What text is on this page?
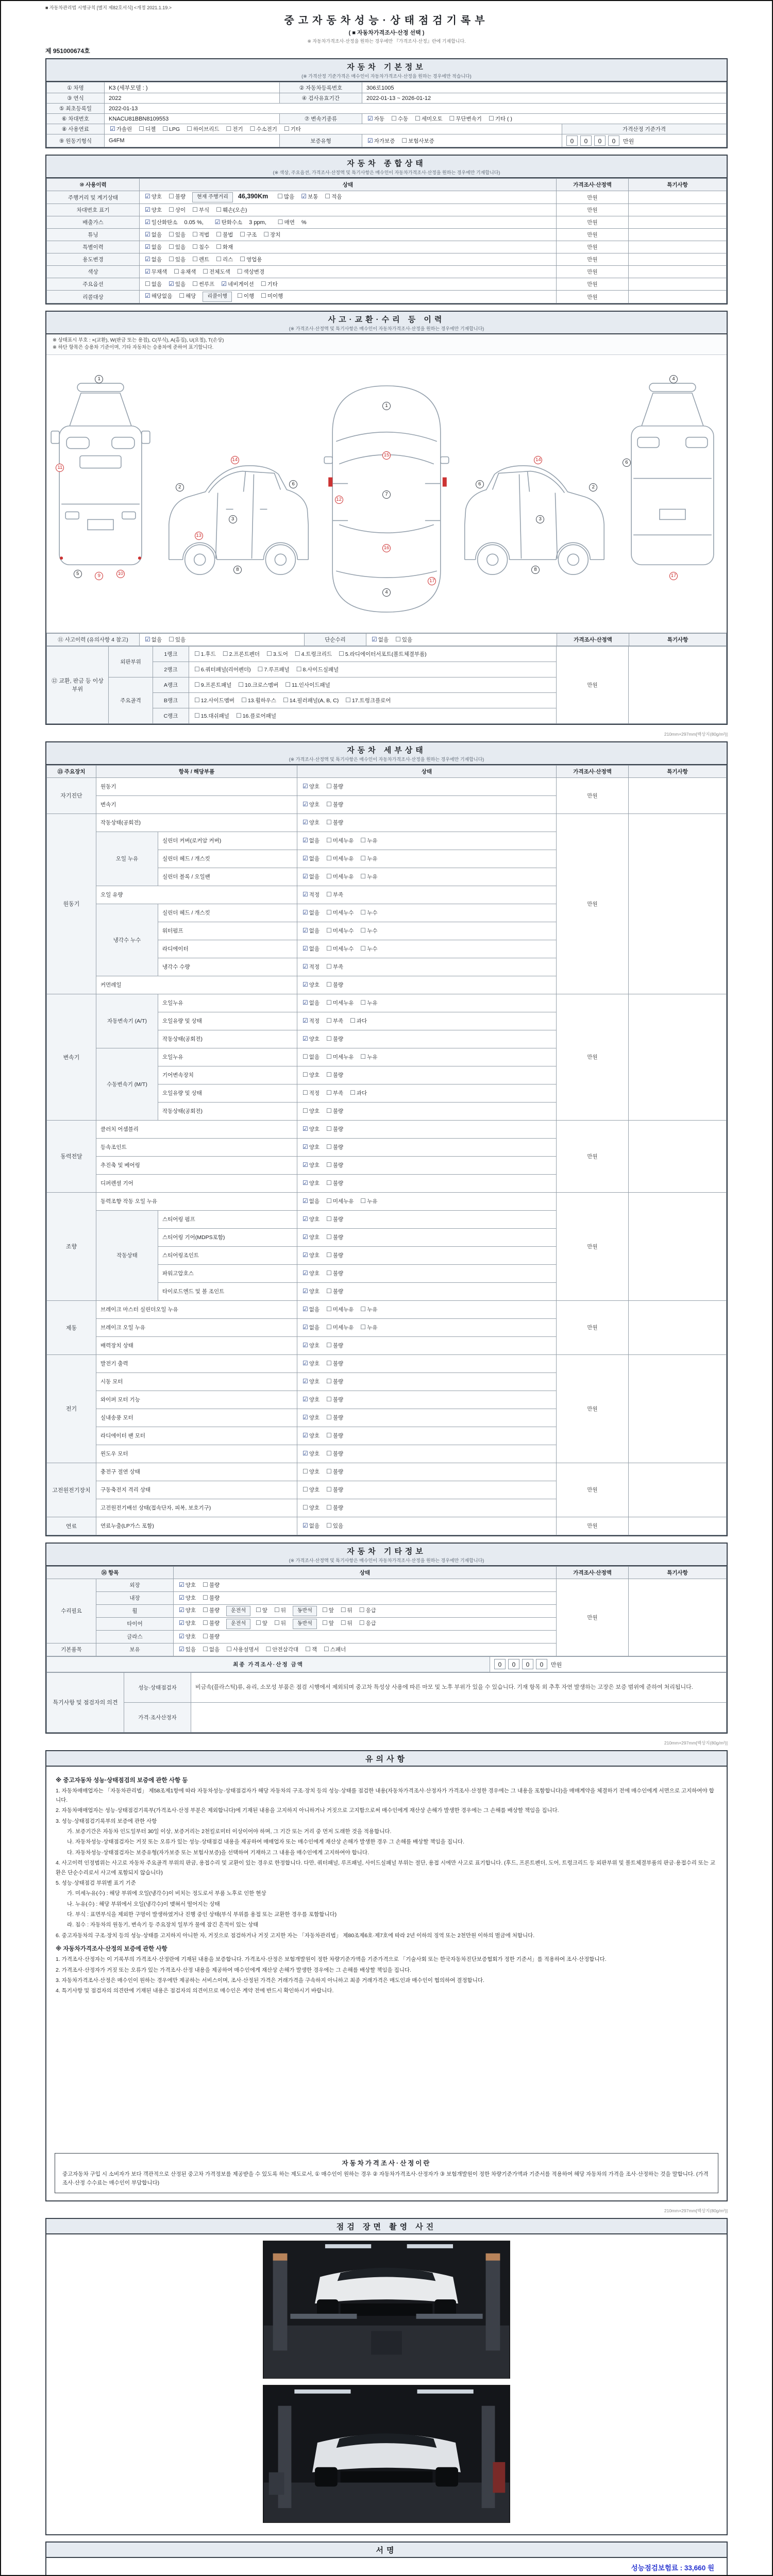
■ 자동차관리법 시행규칙 [별지 제82호서식] <개정 2021.1.19.>
중고자동차성능·상태점검기록부
( ■ 자동차가격조사·산정 선택 )
※ 자동차가격조사·산정을 원하는 경우에만 『가격조사·산정』란에 기재합니다.
제 951000674호
자동차 기본정보
(※ 가격산정 기준가격은 매수인이 자동차가격조사·산정을 원하는 경우에만 적습니다)
① 차명	K3 (세부모델 : )	② 자동차등록번호	306로1005	
③ 연식	2022	④ 검사유효기간	2022-01-13 ~ 2026-01-12	
⑤ 최초등록일	2022-01-13			
⑥ 차대번호	KNACU81BBN8109553	⑦ 변속기종류	☑ 자동 ☐ 수동 ☐ 세미오토 ☐ 무단변속기 ☐ 기타 ( )	
⑧ 사용연료	☑ 가솔린 ☐ 디젤 ☐ LPG ☐ 하이브리드 ☐ 전기 ☐ 수소전기 ☐ 기타			가격산정 기준가격
⑨ 원동기형식	G4FM	보증유형	☑ 자가보증 ☐ 보험사보증	0 0 0 0 만원
자동차 종합상태
(※ 색상, 주요옵션, 가격조사·산정액 및 특기사항은 매수인이 자동차가격조사·산정을 원하는 경우에만 기재합니다)
⑩ 사용이력	상태	가격조사·산정액	특기사항
주행거리 및 계기상태	☑ 양호 ☐ 불량 현재 주행거리 46,390Km ☐ 많음 ☑ 보통 ☐ 적음	만원	
차대번호 표기	☑ 양호 ☐ 상이 ☐ 부식 ☐ 훼손(오손)	만원	
배출가스	☑ 일산화탄소 0.05 %, ☑ 탄화수소 3 ppm, ☐ 매연 %	만원	
튜닝	☑ 없음 ☐ 있음 ☐ 적법 ☐ 불법 ☐ 구조 ☐ 장치	만원	
특별이력	☑ 없음 ☐ 있음 ☐ 침수 ☐ 화재	만원	
용도변경	☑ 없음 ☐ 있음 ☐ 렌트 ☐ 리스 ☐ 영업용	만원	
색상	☑ 무채색 ☐ 유채색 ☐ 전체도색 ☐ 색상변경	만원	
주요옵션	☐ 없음 ☑ 있음 ☐ 썬루프 ☑ 네비게이션 ☐ 기타	만원	
리콜대상	☑ 해당없음 ☐ 해당 리콜이행 ☐ 이행 ☐ 미이행	만원	
사고·교환·수리 등 이력
(※ 가격조사·산정액 및 특기사항은 매수인이 자동차가격조사·산정을 원하는 경우에만 기재합니다)
※ 상태표시 부호 : ×(교환), W(판금 또는 용접), C(부식), A(흠집), U(요철), T(손상)
※ 하단 항목은 승용차 기준이며, 기타 자동차는 승용차에 준하여 표기합니다.
1
11
5	9	10
14
2
6
3
13
8
1
15
7
12
16
4
17
14
6
3
2
8
4
6
17
⑪ 사고이력 (유의사항 4 참고)	☑ 없음 ☐ 있음	단순수리	☑ 없음 ☐ 있음	가격조사·산정액	특기사항
⑫ 교환, 판금 등 이상 부위	외판부위	1랭크	☐ 1.후드 ☐ 2.프론트펜더 ☐ 3.도어 ☐ 4.트렁크리드 ☐ 5.라디에이터서포트(볼트체결부품)	만원	
		2랭크	☐ 6.쿼터패널(리어펜더) ☐ 7.루프패널 ☐ 8.사이드실패널		
	주요골격	A랭크	☐ 9.프론트패널 ☐ 10.크로스멤버 ☐ 11.인사이드패널		
		B랭크	☐ 12.사이드멤버 ☐ 13.휠하우스 ☐ 14.필러패널(A, B, C) ☐ 17.트렁크플로어		
		C랭크	☐ 15.대쉬패널 ☐ 16.플로어패널		
210mm×297mm[백상지(80g/m²)]
자동차 세부상태
(※ 가격조사·산정액 및 특기사항은 매수인이 자동차가격조사·산정을 원하는 경우에만 기재합니다)
⑬ 주요장치	항목 / 해당부품		상태	가격조사·산정액	특기사항
자기진단	원동기		☑ 양호 ☐ 불량	만원	
	변속기		☑ 양호 ☐ 불량		
원동기	작동상태(공회전)		☑ 양호 ☐ 불량	만원	
	오일 누유	실린더 커버(로커암 커버)	☑ 없음 ☐ 미세누유 ☐ 누유		
		실린더 헤드 / 개스킷	☑ 없음 ☐ 미세누유 ☐ 누유		
		실린더 블록 / 오일팬	☑ 없음 ☐ 미세누유 ☐ 누유		
	오일 유량		☑ 적정 ☐ 부족		
	냉각수 누수	실린더 헤드 / 개스킷	☑ 없음 ☐ 미세누수 ☐ 누수		
		워터펌프	☑ 없음 ☐ 미세누수 ☐ 누수		
		라디에이터	☑ 없음 ☐ 미세누수 ☐ 누수		
		냉각수 수량	☑ 적정 ☐ 부족		
	커먼레일		☑ 양호 ☐ 불량		
변속기	자동변속기 (A/T)	오일누유	☑ 없음 ☐ 미세누유 ☐ 누유	만원	
		오일유량 및 상태	☑ 적정 ☐ 부족 ☐ 과다		
		작동상태(공회전)	☑ 양호 ☐ 불량		
	수동변속기 (M/T)	오일누유	☐ 없음 ☐ 미세누유 ☐ 누유		
		기어변속장치	☐ 양호 ☐ 불량		
		오일유량 및 상태	☐ 적정 ☐ 부족 ☐ 과다		
		작동상태(공회전)	☐ 양호 ☐ 불량		
동력전달	클러치 어셈블리		☑ 양호 ☐ 불량	만원	
	등속조인트		☑ 양호 ☐ 불량		
	추진축 및 베어링		☑ 양호 ☐ 불량		
	디퍼렌셜 기어		☑ 양호 ☐ 불량		
조향	동력조향 작동 오일 누유		☑ 없음 ☐ 미세누유 ☐ 누유	만원	
	작동상태	스티어링 펌프	☑ 양호 ☐ 불량		
		스티어링 기어(MDPS포함)	☑ 양호 ☐ 불량		
		스티어링조인트	☑ 양호 ☐ 불량		
		파워고압호스	☑ 양호 ☐ 불량		
		타이로드엔드 및 볼 조인트	☑ 양호 ☐ 불량		
제동	브레이크 마스터 실린더오일 누유		☑ 없음 ☐ 미세누유 ☐ 누유	만원	
	브레이크 오일 누유		☑ 없음 ☐ 미세누유 ☐ 누유		
	배력장치 상태		☑ 양호 ☐ 불량		
전기	발전기 출력		☑ 양호 ☐ 불량	만원	
	시동 모터		☑ 양호 ☐ 불량		
	와이퍼 모터 기능		☑ 양호 ☐ 불량		
	실내송풍 모터		☑ 양호 ☐ 불량		
	라디에이터 팬 모터		☑ 양호 ☐ 불량		
	윈도우 모터		☑ 양호 ☐ 불량		
고전원전기장치	충전구 절연 상태		☐ 양호 ☐ 불량	만원	
	구동축전지 격리 상태		☐ 양호 ☐ 불량		
	고전원전기배선 상태(접속단자, 피복, 보호기구)		☐ 양호 ☐ 불량		
연료	연료누출(LP가스 포함)		☑ 없음 ☐ 있음	만원	
자동차 기타정보
(※ 가격조사·산정액 및 특기사항은 매수인이 자동차가격조사·산정을 원하는 경우에만 기재합니다)
⑭ 항목		상태	가격조사·산정액	특기사항
수리필요	외장	☑ 양호 ☐ 불량	만원	
	내장	☑ 양호 ☐ 불량		
	휠	☑ 양호 ☐ 불량 운전석 ☐ 앞 ☐ 뒤 동반석 ☐ 앞 ☐ 뒤 ☐ 응급		
	타이어	☑ 양호 ☐ 불량 운전석 ☐ 앞 ☐ 뒤 동반석 ☐ 앞 ☐ 뒤 ☐ 응급		
	글라스	☑ 양호 ☐ 불량		
기본품목	보유	☑ 있음 ☐ 없음 ☐ 사용설명서 ☐ 안전삼각대 ☐ 잭 ☐ 스패너		
최종 가격조사·산정 금액	0 0 0 0 만원
특기사항 및 점검자의 의견	성능·상태점검자	비금속(플라스틱)류, 유리, 소모성 부품은 점검 시행에서 제외되며 중고차 특성상 사용에 따른 마모 및 노후 부위가 있을 수 있습니다. 기재 항목 외 추후 자연 발생하는 고장은 보증 범위에 준하여 처리됩니다.
	가격·조사산정자	
210mm×297mm[백상지(80g/m²)]
유의사항
※ 중고자동차 성능·상태점검의 보증에 관한 사항 등
1. 자동차매매업자는 「자동차관리법」 제58조제1항에 따라 자동차성능·상태점검자가 해당 자동차의 구조·장치 등의 성능·상태를 점검한 내용(자동차가격조사·산정자가 가격조사·산정한 경우에는 그 내용을 포함합니다)을 매매계약을 체결하기 전에 매수인에게 서면으로 고지하여야 합니다.
2. 자동차매매업자는 성능·상태점검기록부(가격조사·산정 부분은 제외합니다)에 기재된 내용을 고지하지 아니하거나 거짓으로 고지함으로써 매수인에게 재산상 손해가 발생한 경우에는 그 손해를 배상할 책임을 집니다.
3. 성능·상태점검기록부의 보증에 관한 사항
가. 보증기간은 자동차 인도일부터 30일 이상, 보증거리는 2천킬로미터 이상이어야 하며, 그 기간 또는 거리 중 먼저 도래한 것을 적용합니다.
나. 자동차성능·상태점검자는 거짓 또는 오류가 있는 성능·상태점검 내용을 제공하여 매매업자 또는 매수인에게 재산상 손해가 발생한 경우 그 손해를 배상할 책임을 집니다.
다. 자동차성능·상태점검자는 보증유형(자가보증 또는 보험사보증)을 선택하여 기재하고 그 내용을 매수인에게 고지하여야 합니다.
4. 사고이력 인정범위는 사고로 자동차 주요골격 부위의 판금, 용접수리 및 교환이 있는 경우로 한정합니다. 다만, 쿼터패널, 루프패널, 사이드실패널 부위는 절단, 용접 시에만 사고로 표기합니다. (후드, 프론트펜더, 도어, 트렁크리드 등 외판부위 및 볼트체결부품의 판금·용접수리 또는 교환은 단순수리로서 사고에 포함되지 않습니다)
5. 성능·상태점검 부위별 표기 기준
가. 미세누유(수) : 해당 부위에 오일(냉각수)이 비치는 정도로서 부품 노후로 인한 현상
나. 누유(수) : 해당 부위에서 오일(냉각수)이 맺혀서 떨어지는 상태
다. 부식 : 표면부식을 제외한 구멍이 발생하였거나 진행 중인 상태(부식 부위를 용접 또는 교환한 경우를 포함합니다)
라. 침수 : 자동차의 원동기, 변속기 등 주요장치 일부가 물에 잠긴 흔적이 있는 상태
6. 중고자동차의 구조·장치 등의 성능·상태를 고지하지 아니한 자, 거짓으로 점검하거나 거짓 고지한 자는 「자동차관리법」 제80조제6호·제7호에 따라 2년 이하의 징역 또는 2천만원 이하의 벌금에 처합니다.
※ 자동차가격조사·산정의 보증에 관한 사항
1. 가격조사·산정자는 이 기록부의 가격조사·산정란에 기재된 내용을 보증합니다. 가격조사·산정은 보험개발원이 정한 차량기준가액을 기준가격으로 「기술사회 또는 한국자동차진단보증협회가 정한 기준서」를 적용하여 조사·산정합니다.
2. 가격조사·산정자가 거짓 또는 오류가 있는 가격조사·산정 내용을 제공하여 매수인에게 재산상 손해가 발생한 경우에는 그 손해를 배상할 책임을 집니다.
3. 자동차가격조사·산정은 매수인이 원하는 경우에만 제공하는 서비스이며, 조사·산정된 가격은 거래가격을 구속하지 아니하고 최종 거래가격은 매도인과 매수인이 협의하여 결정합니다.
4. 특기사항 및 점검자의 의견란에 기재된 내용은 점검자의 의견이므로 매수인은 계약 전에 반드시 확인하시기 바랍니다.
자동차가격조사·산정이란
중고자동차 구입 시 소비자가 보다 객관적으로 산정된 중고차 가격정보를 제공받을 수 있도록 하는 제도로서, ① 매수인이 원하는 경우 ② 자동차가격조사·산정자가 ③ 보험개발원이 정한 차량기준가액과 기준서를 적용하여 해당 자동차의 가격을 조사·산정하는 것을 말합니다. (가격조사·산정 수수료는 매수인이 부담합니다)
210mm×297mm[백상지(80g/m²)]
점검 장면 촬영 사진
서명
성능점검보험료 : 33,660 원
